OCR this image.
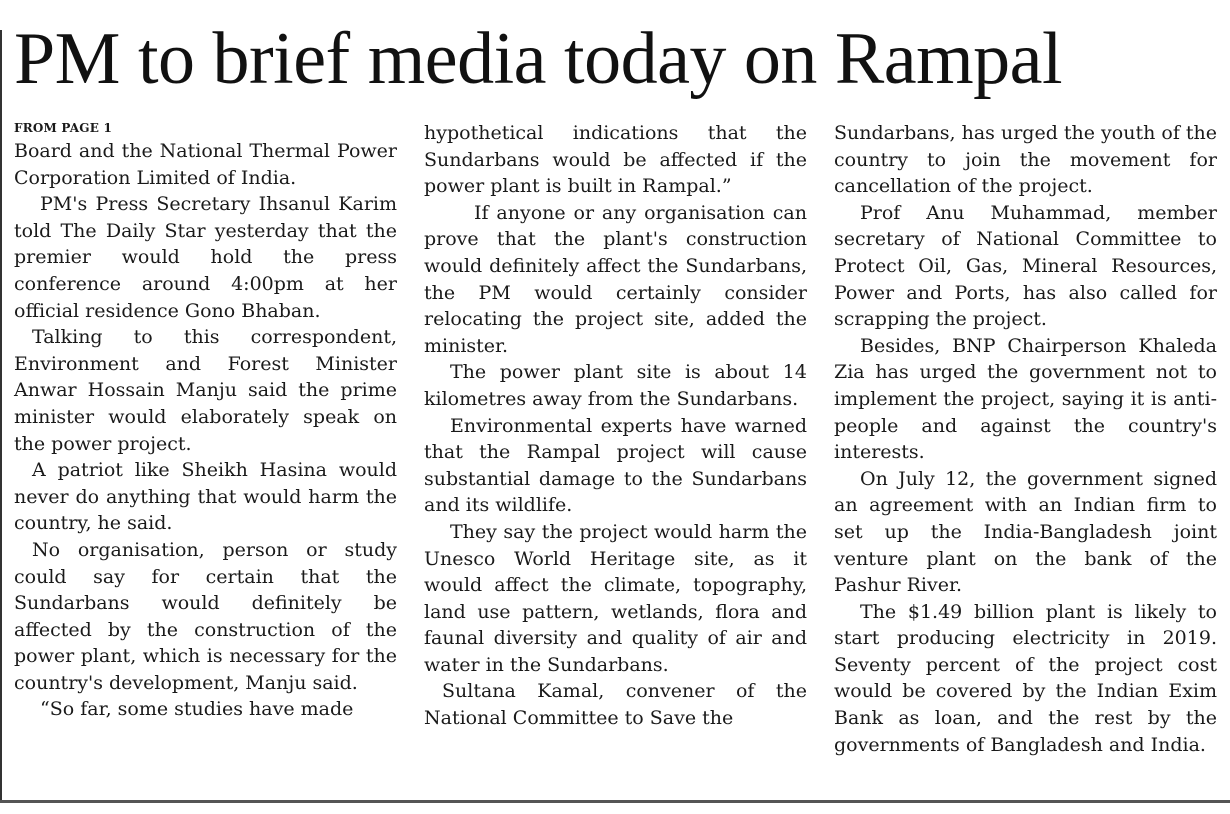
PM to brief media today on Rampal

FROM PAGE 1

Board and the National Thermal Power Corporation Limited of India.

PM's Press Secretary Ihsanul Karim told The Daily Star yesterday that the premier would hold the press conference around 4:00pm at her official residence Gono Bhaban.

Talking to this correspondent, Environment and Forest Minister Anwar Hossain Manju said the prime minister would elaborately speak on the power project.

A patriot like Sheikh Hasina would never do anything that would harm the country, he said.

No organisation, person or study could say for certain that the Sundarbans would definitely be affected by the construction of the power plant, which is necessary for the country's development, Manju said.

“So far, some studies have made

hypothetical indications that the Sundarbans would be affected if the power plant is built in Rampal.”

If anyone or any organisation can prove that the plant's construction would definitely affect the Sundarbans, the PM would certainly consider relocating the project site, added the minister.

The power plant site is about 14 kilometres away from the Sundarbans.

Environmental experts have warned that the Rampal project will cause substantial damage to the Sundarbans and its wildlife.

They say the project would harm the Unesco World Heritage site, as it would affect the climate, topography, land use pattern, wetlands, flora and faunal diversity and quality of air and water in the Sundarbans.

Sultana Kamal, convener of the National Committee to Save the

Sundarbans, has urged the youth of the country to join the movement for cancellation of the project.

Prof Anu Muhammad, member secretary of National Committee to Protect Oil, Gas, Mineral Resources, Power and Ports, has also called for scrapping the project.

Besides, BNP Chairperson Khaleda Zia has urged the government not to implement the project, saying it is anti-people and against the country's interests.

On July 12, the government signed an agreement with an Indian firm to set up the India-Bangladesh joint venture plant on the bank of the Pashur River.

The $1.49 billion plant is likely to start producing electricity in 2019. Seventy percent of the project cost would be covered by the Indian Exim Bank as loan, and the rest by the governments of Bangladesh and India.
